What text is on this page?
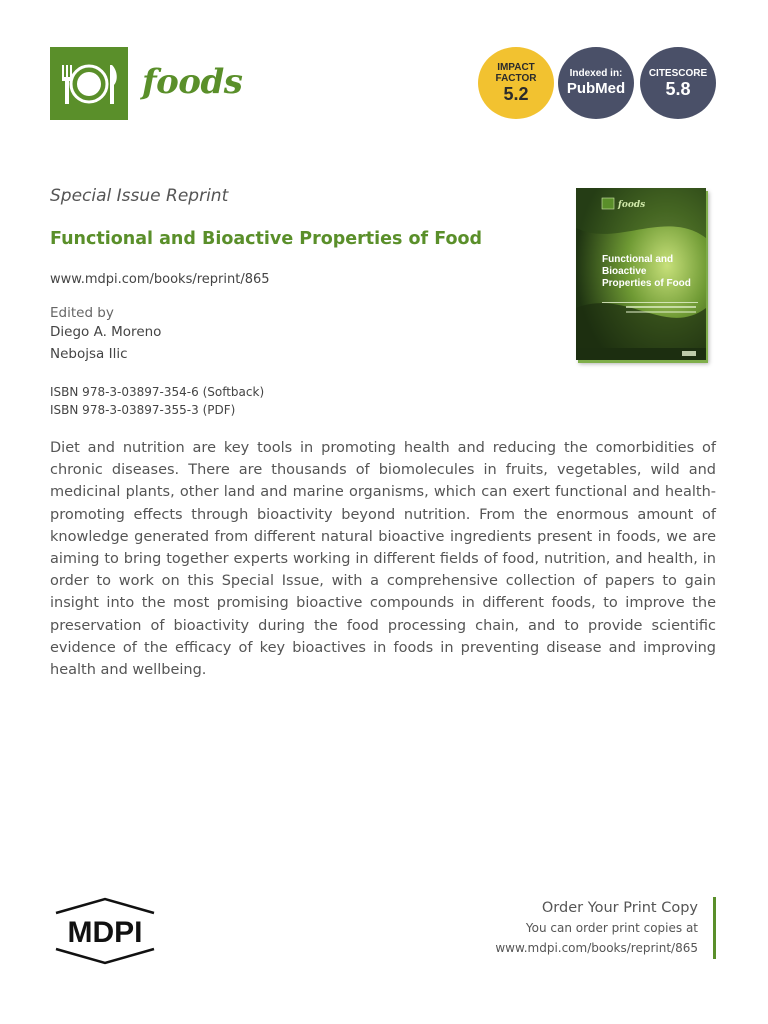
foods	IMPACT
FACTOR
5.2
Indexed in:
PubMed
CITESCORE
5.8
Special Issue Reprint
Functional and Bioactive Properties of Food
www.mdpi.com/books/reprint/865
Edited by
Diego A. Moreno
Nebojsa Ilic
ISBN 978-3-03897-354-6 (Softback)
ISBN 978-3-03897-355-3 (PDF)
foods
Functional and Bioactive Properties of Food

Diet and nutrition are key tools in promoting health and reducing the comorbidities of chronic diseases. There are thousands of biomolecules in fruits, vegetables, wild and medicinal plants, other land and marine organisms, which can exert functional and health-promoting effects through bioactivity beyond nutrition. From the enormous amount of knowledge generated from different natural bioactive ingredients present in foods, we are aiming to bring together experts working in different fields of food, nutrition, and health, in order to work on this Special Issue, with a comprehensive collection of papers to gain insight into the most promising bioactive compounds in different foods, to improve the preservation of bioactivity during the food processing chain, and to provide scientific evidence of the efficacy of key bioactives in foods in preventing disease and improving health and wellbeing.

MDPI
Order Your Print Copy
You can order print copies at
www.mdpi.com/books/reprint/865
